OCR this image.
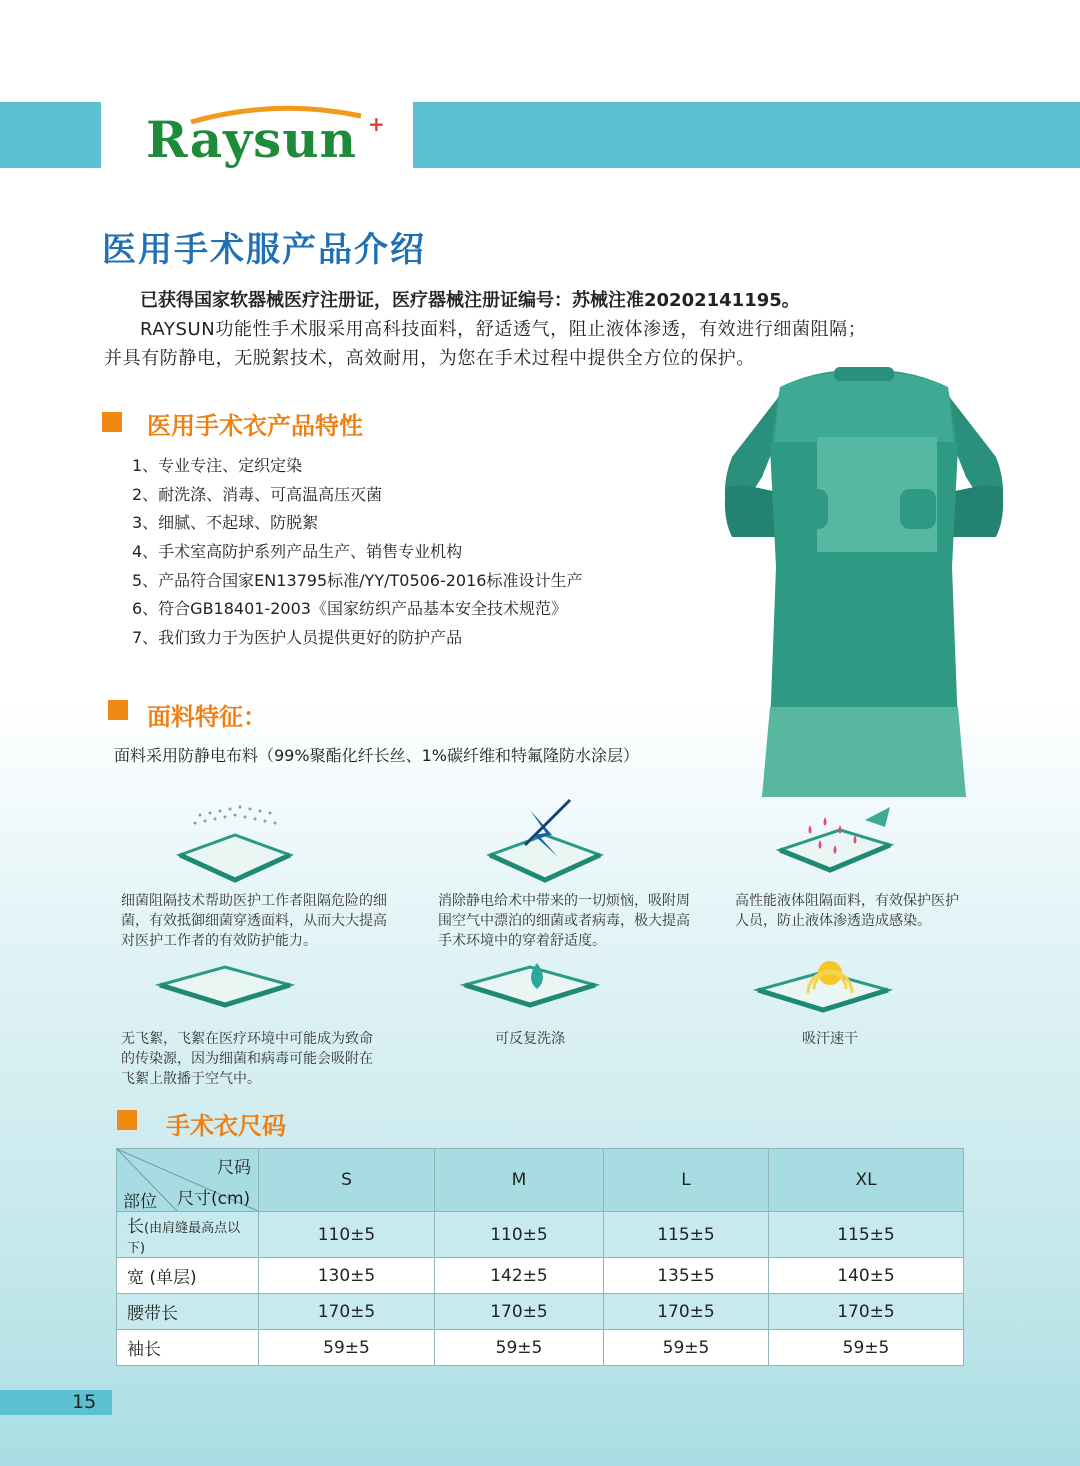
Raysun +
医用手术服产品介绍
已获得国家软器械医疗注册证，医疗器械注册证编号：苏械注准20202141195。
RAYSUN功能性手术服采用高科技面料，舒适透气，阻止液体渗透，有效进行细菌阻隔；
并具有防静电，无脱絮技术，高效耐用，为您在手术过程中提供全方位的保护。
医用手术衣产品特性
1、专业专注、定织定染
2、耐洗涤、消毒、可高温高压灭菌
3、细腻、不起球、防脱絮
4、手术室高防护系列产品生产、销售专业机构
5、产品符合国家EN13795标准/YY/T0506-2016标准设计生产
6、符合GB18401-2003《国家纺织产品基本安全技术规范》
7、我们致力于为医护人员提供更好的防护产品
面料特征：
面料采用防静电布料（99%聚酯化纤长丝、1%碳纤维和特氟隆防水涂层）
细菌阻隔技术帮助医护工作者阻隔危险的细菌，有效抵御细菌穿透面料，从而大大提高对医护工作者的有效防护能力。
消除静电给术中带来的一切烦恼，吸附周围空气中漂泊的细菌或者病毒，极大提高手术环境中的穿着舒适度。
高性能液体阻隔面料，有效保护医护人员，防止液体渗透造成感染。
无飞絮，飞絮在医疗环境中可能成为致命的传染源，因为细菌和病毒可能会吸附在飞絮上散播于空气中。
可反复洗涤	吸汗速干
手术衣尺码
尺码
尺寸(cm)
部位	S	M	L	XL
长(由肩缝最高点以下)	110±5	110±5	115±5	115±5
宽 (单层)	130±5	142±5	135±5	140±5
腰带长	170±5	170±5	170±5	170±5
袖长	59±5	59±5	59±5	59±5
15
